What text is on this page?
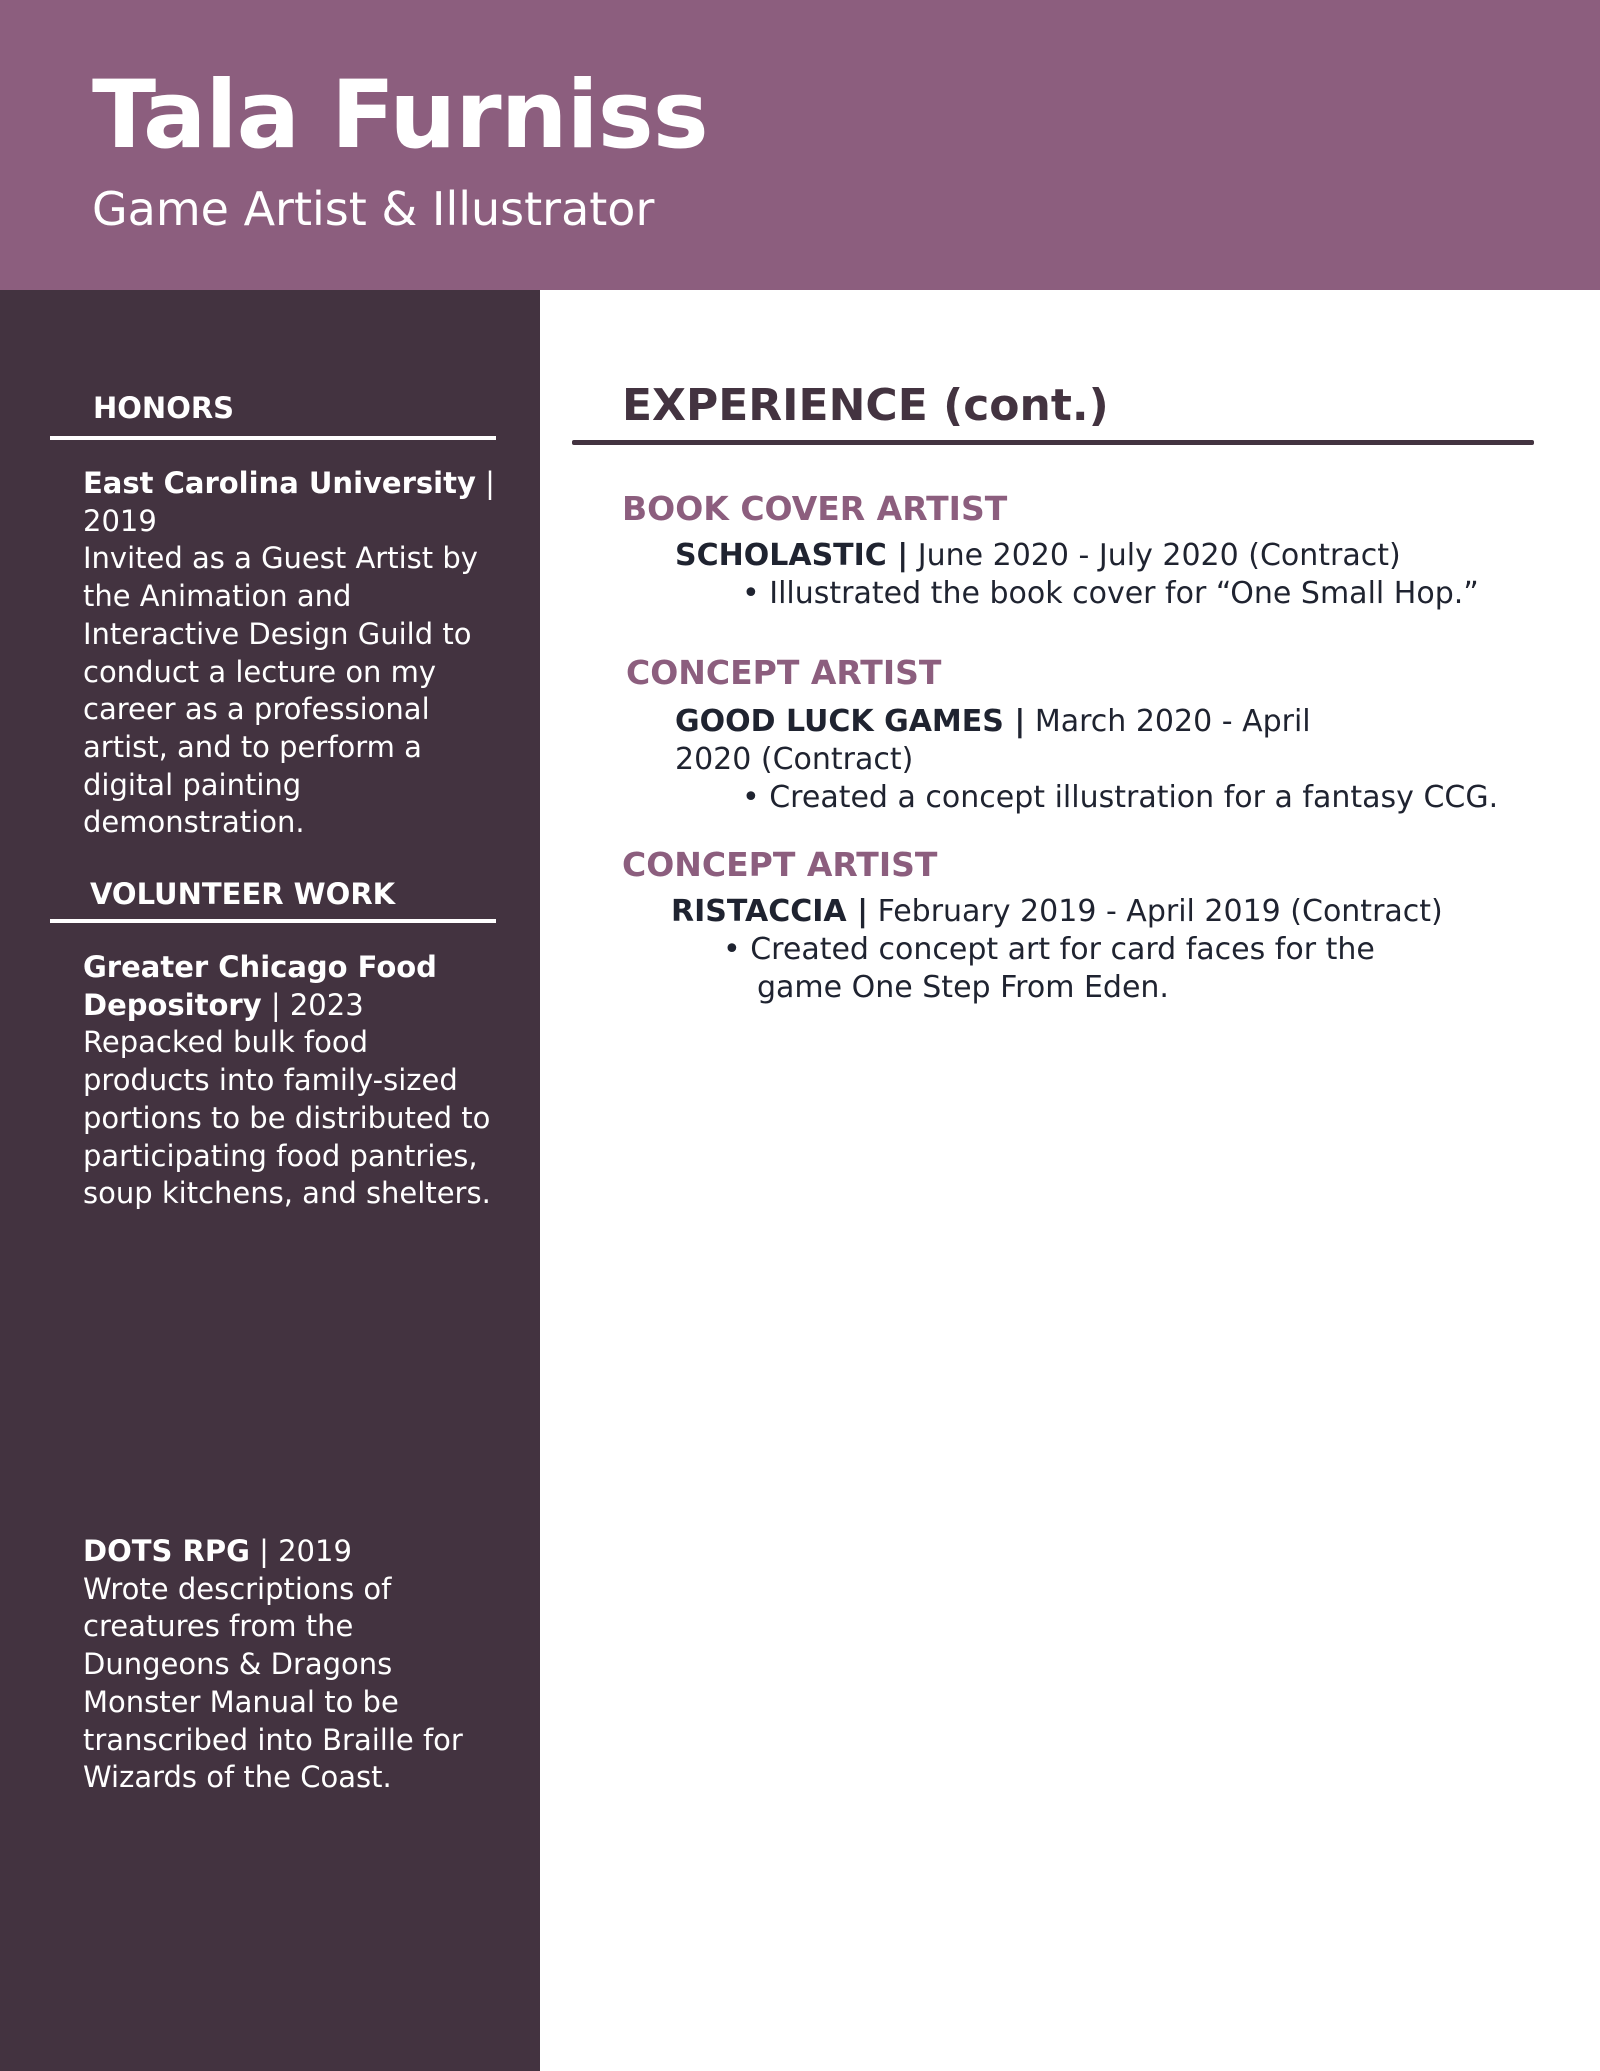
Tala Furniss
Game Artist & Illustrator
HONORS

East Carolina University | 2019

Invited as a Guest Artist by the Animation and Interactive Design Guild to conduct a lecture on my career as a professional artist, and to perform a digital painting demonstration.

VOLUNTEER WORK

Greater Chicago Food Depository | 2023

Repacked bulk food products into family-sized portions to be distributed to participating food pantries, soup kitchens, and shelters.

DOTS RPG | 2019

Wrote descriptions of creatures from the Dungeons & Dragons Monster Manual to be transcribed into Braille for Wizards of the Coast.

EXPERIENCE (cont.)
BOOK COVER ARTIST
SCHOLASTIC | June 2020 - July 2020 (Contract)
• Illustrated the book cover for “One Small Hop.”
CONCEPT ARTIST
GOOD LUCK GAMES | March 2020 - April 2020 (Contract)
• Created a concept illustration for a fantasy CCG.
CONCEPT ARTIST
RISTACCIA | February 2019 - April 2019 (Contract)
• Created concept art for card faces for the game One Step From Eden.
